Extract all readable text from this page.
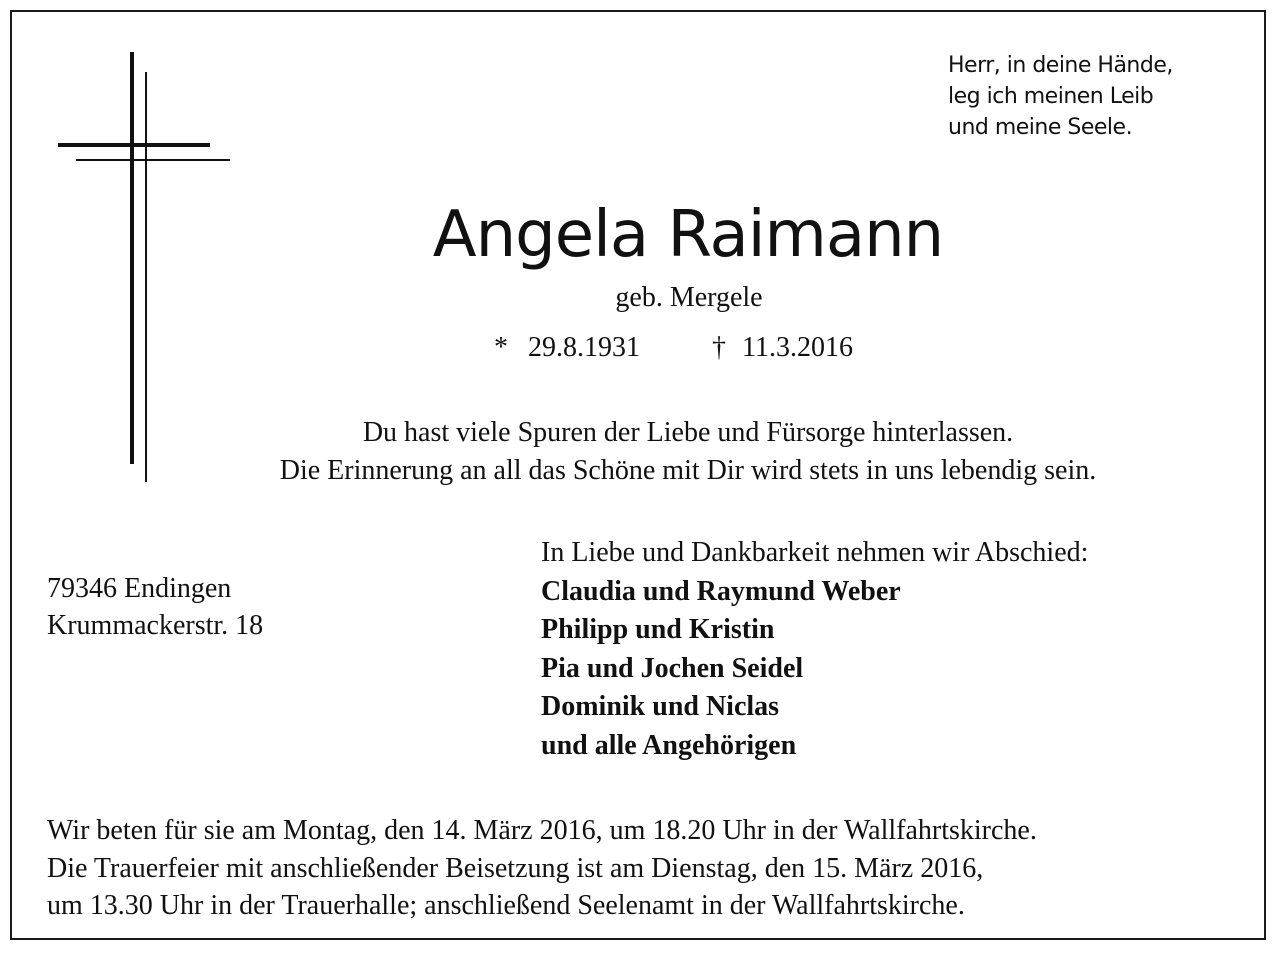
Herr, in deine Hände,
leg ich meinen Leib
und meine Seele.
Angela Raimann
geb. Mergele
* 29.8.1931	† 11.3.2016
Du hast viele Spuren der Liebe und Fürsorge hinterlassen.
Die Erinnerung an all das Schöne mit Dir wird stets in uns lebendig sein.
79346 Endingen
Krummackerstr. 18
In Liebe und Dankbarkeit nehmen wir Abschied:
Claudia und Raymund Weber
Philipp und Kristin
Pia und Jochen Seidel
Dominik und Niclas
und alle Angehörigen
Wir beten für sie am Montag, den 14. März 2016, um 18.20 Uhr in der Wallfahrtskirche.
Die Trauerfeier mit anschließender Beisetzung ist am Dienstag, den 15. März 2016,
um 13.30 Uhr in der Trauerhalle; anschließend Seelenamt in der Wallfahrtskirche.
